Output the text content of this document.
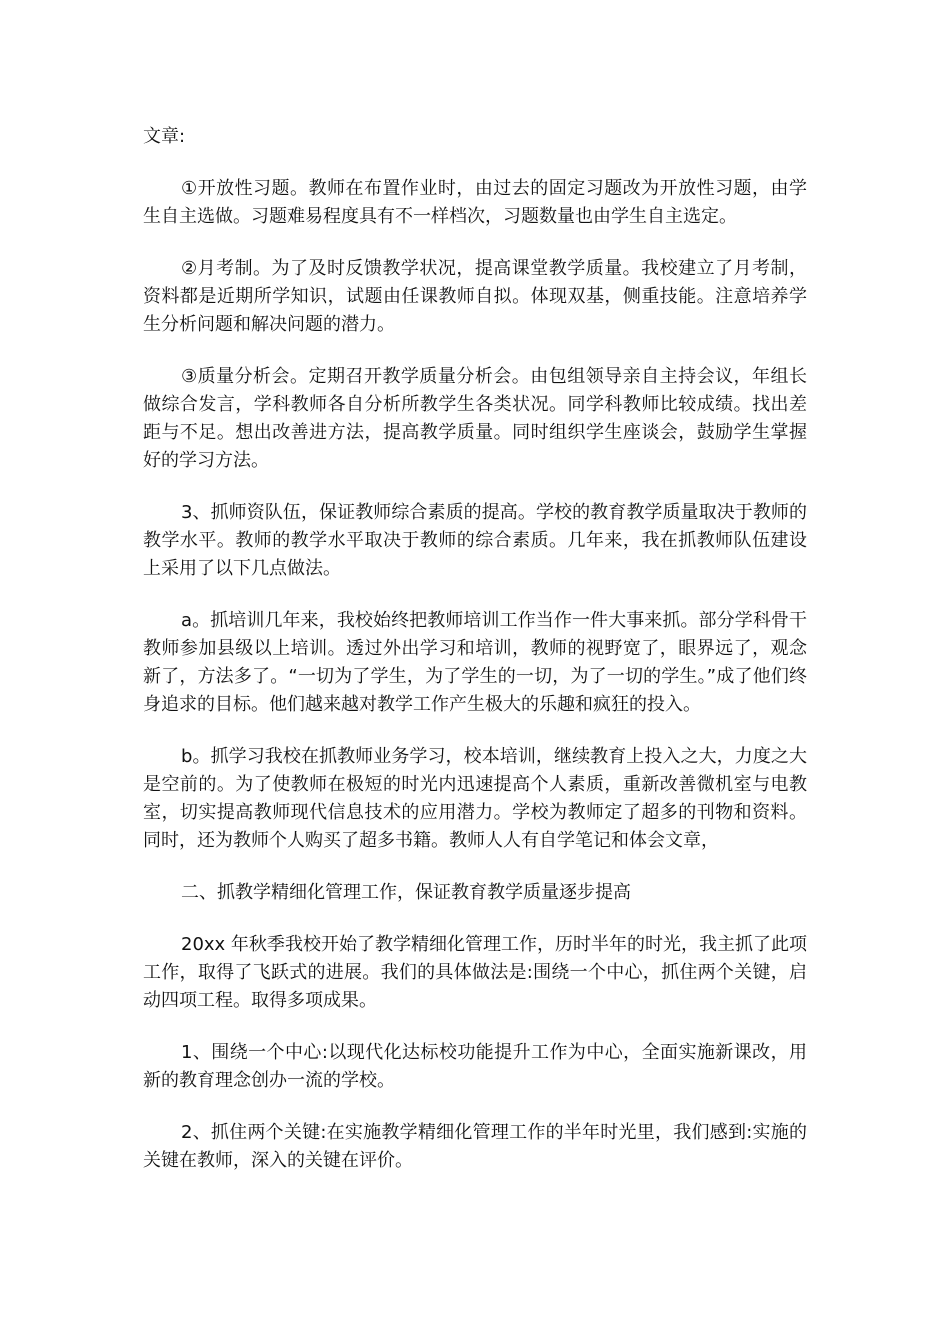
文章:

①开放性习题。教师在布置作业时，由过去的固定习题改为开放性习题，由学生自主选做。习题难易程度具有不一样档次，习题数量也由学生自主选定。

②月考制。为了及时反馈教学状况，提高课堂教学质量。我校建立了月考制，资料都是近期所学知识，试题由任课教师自拟。体现双基，侧重技能。注意培养学生分析问题和解决问题的潜力。

③质量分析会。定期召开教学质量分析会。由包组领导亲自主持会议，年组长做综合发言，学科教师各自分析所教学生各类状况。同学科教师比较成绩。找出差距与不足。想出改善进方法，提高教学质量。同时组织学生座谈会，鼓励学生掌握好的学习方法。

3、抓师资队伍，保证教师综合素质的提高。学校的教育教学质量取决于教师的教学水平。教师的教学水平取决于教师的综合素质。几年来，我在抓教师队伍建设上采用了以下几点做法。

a。抓培训几年来，我校始终把教师培训工作当作一件大事来抓。部分学科骨干教师参加县级以上培训。透过外出学习和培训，教师的视野宽了，眼界远了，观念新了，方法多了。“一切为了学生，为了学生的一切，为了一切的学生。”成了他们终身追求的目标。他们越来越对教学工作产生极大的乐趣和疯狂的投入。

b。抓学习我校在抓教师业务学习，校本培训，继续教育上投入之大，力度之大是空前的。为了使教师在极短的时光内迅速提高个人素质，重新改善微机室与电教室，切实提高教师现代信息技术的应用潜力。学校为教师定了超多的刊物和资料。同时，还为教师个人购买了超多书籍。教师人人有自学笔记和体会文章，

二、抓教学精细化管理工作，保证教育教学质量逐步提高

20xx 年秋季我校开始了教学精细化管理工作，历时半年的时光，我主抓了此项工作，取得了飞跃式的进展。我们的具体做法是:围绕一个中心，抓住两个关键，启动四项工程。取得多项成果。

1、围绕一个中心:以现代化达标校功能提升工作为中心，全面实施新课改，用新的教育理念创办一流的学校。

2、抓住两个关键:在实施教学精细化管理工作的半年时光里，我们感到:实施的关键在教师，深入的关键在评价。
